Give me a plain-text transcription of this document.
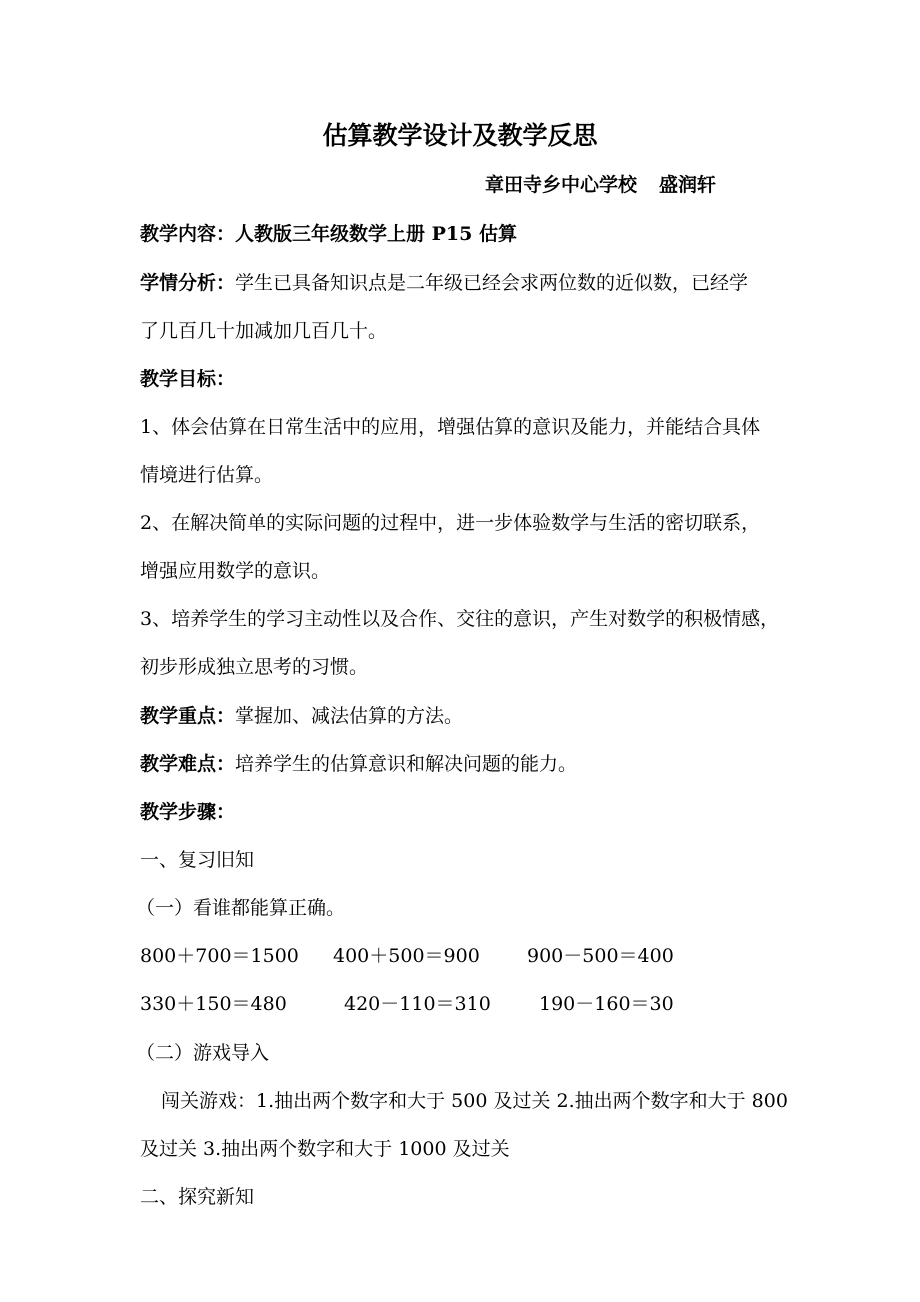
估算教学设计及教学反思
章田寺乡中心学校 盛润轩
教学内容：人教版三年级数学上册 P15 估算
学情分析：学生已具备知识点是二年级已经会求两位数的近似数，已经学
了几百几十加减加几百几十。
教学目标：
1、体会估算在日常生活中的应用，增强估算的意识及能力，并能结合具体
情境进行估算。
2、在解决简单的实际问题的过程中，进一步体验数学与生活的密切联系，
增强应用数学的意识。
3、培养学生的学习主动性以及合作、交往的意识，产生对数学的积极情感，
初步形成独立思考的习惯。
教学重点：掌握加、减法估算的方法。
教学难点：培养学生的估算意识和解决问题的能力。
教学步骤：
一、复习旧知
（一）看谁都能算正确。
800＋700＝1500 400＋500＝900 900－500＝400
330＋150＝480	420－110＝310	190－160＝30
（二）游戏导入
闯关游戏：1.抽出两个数字和大于 500 及过关 2.抽出两个数字和大于 800
及过关 3.抽出两个数字和大于 1000 及过关
二、探究新知
